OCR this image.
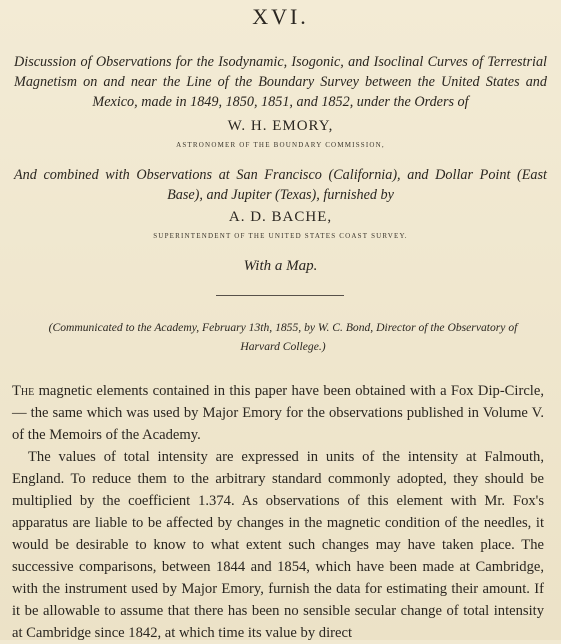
XVI.
Discussion of Observations for the Isodynamic, Isogonic, and Isoclinal Curves of Terrestrial Magnetism on and near the Line of the Boundary Survey between the United States and Mexico, made in 1849, 1850, 1851, and 1852, under the Orders of
W. H. EMORY,
ASTRONOMER OF THE BOUNDARY COMMISSION,
And combined with Observations at San Francisco (California), and Dollar Point (East Base), and Jupiter (Texas), furnished by
A. D. BACHE,
SUPERINTENDENT OF THE UNITED STATES COAST SURVEY.
With a Map.
(Communicated to the Academy, February 13th, 1855, by W. C. Bond, Director of the Observatory of Harvard College.)

The magnetic elements contained in this paper have been obtained with a Fox Dip-Circle, — the same which was used by Major Emory for the observations published in Volume V. of the Memoirs of the Academy.

The values of total intensity are expressed in units of the intensity at Falmouth, England. To reduce them to the arbitrary standard commonly adopted, they should be multiplied by the coefficient 1.374. As observations of this element with Mr. Fox's apparatus are liable to be affected by changes in the magnetic condition of the needles, it would be desirable to know to what extent such changes may have taken place. The successive comparisons, between 1844 and 1854, which have been made at Cambridge, with the instrument used by Major Emory, furnish the data for estimating their amount. If it be allowable to assume that there has been no sensible secular change of total intensity at Cambridge since 1842, at which time its value by direct
